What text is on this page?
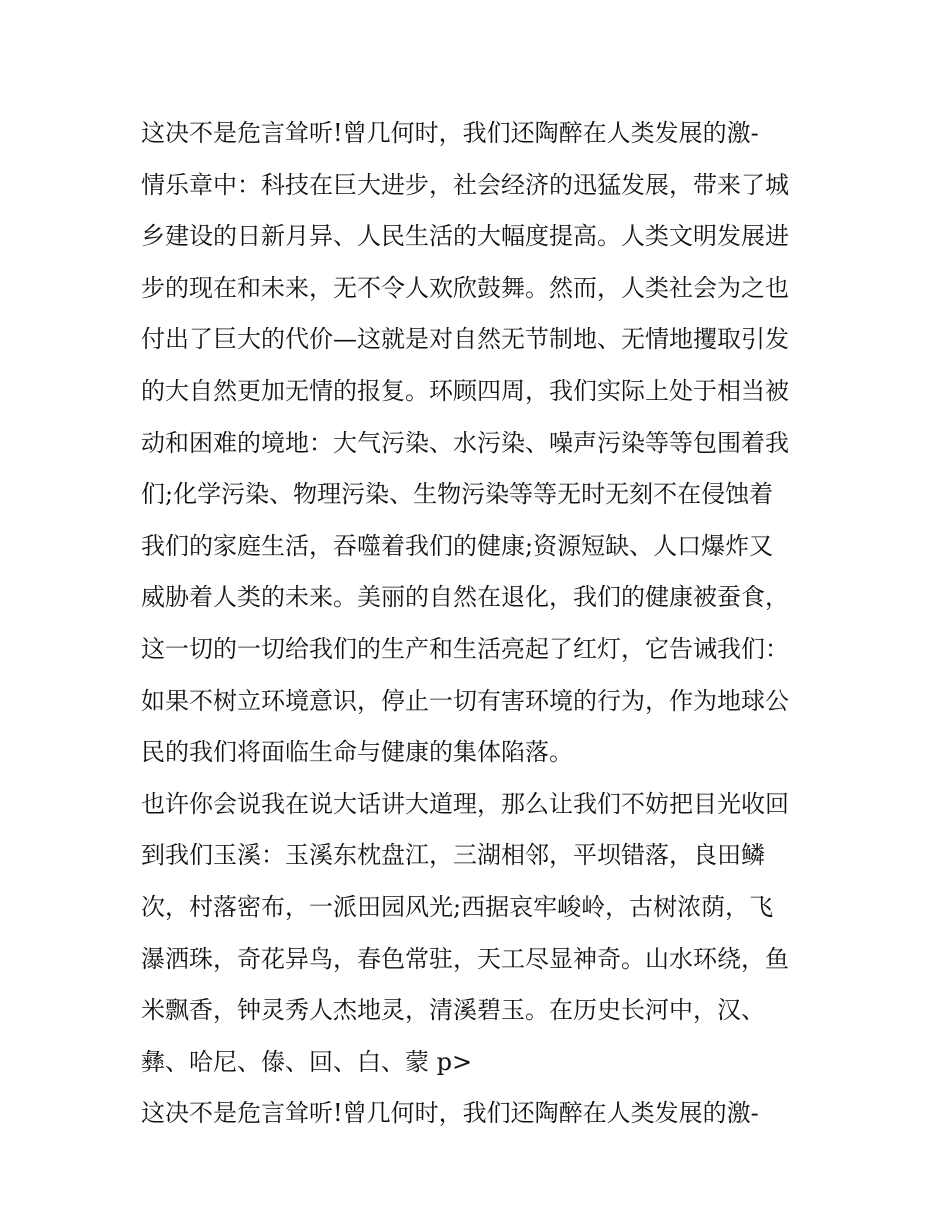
这决不是危言耸听!曾几何时，我们还陶醉在人类发展的激-
情乐章中：科技在巨大进步，社会经济的迅猛发展，带来了城
乡建设的日新月异、人民生活的大幅度提高。人类文明发展进
步的现在和未来，无不令人欢欣鼓舞。然而，人类社会为之也
付出了巨大的代价—这就是对自然无节制地、无情地攫取引发
的大自然更加无情的报复。环顾四周，我们实际上处于相当被
动和困难的境地：大气污染、水污染、噪声污染等等包围着我
们;化学污染、物理污染、生物污染等等无时无刻不在侵蚀着
我们的家庭生活，吞噬着我们的健康;资源短缺、人口爆炸又
威胁着人类的未来。美丽的自然在退化，我们的健康被蚕食，
这一切的一切给我们的生产和生活亮起了红灯，它告诫我们：
如果不树立环境意识，停止一切有害环境的行为，作为地球公
民的我们将面临生命与健康的集体陷落。
也许你会说我在说大话讲大道理，那么让我们不妨把目光收回
到我们玉溪：玉溪东枕盘江，三湖相邻，平坝错落，良田鳞
次，村落密布，一派田园风光;西据哀牢峻岭，古树浓荫，飞
瀑洒珠，奇花异鸟，春色常驻，天工尽显神奇。山水环绕，鱼
米飘香，钟灵秀人杰地灵，清溪碧玉。在历史长河中，汉、
彝、哈尼、傣、回、白、蒙 p>
这决不是危言耸听!曾几何时，我们还陶醉在人类发展的激-
